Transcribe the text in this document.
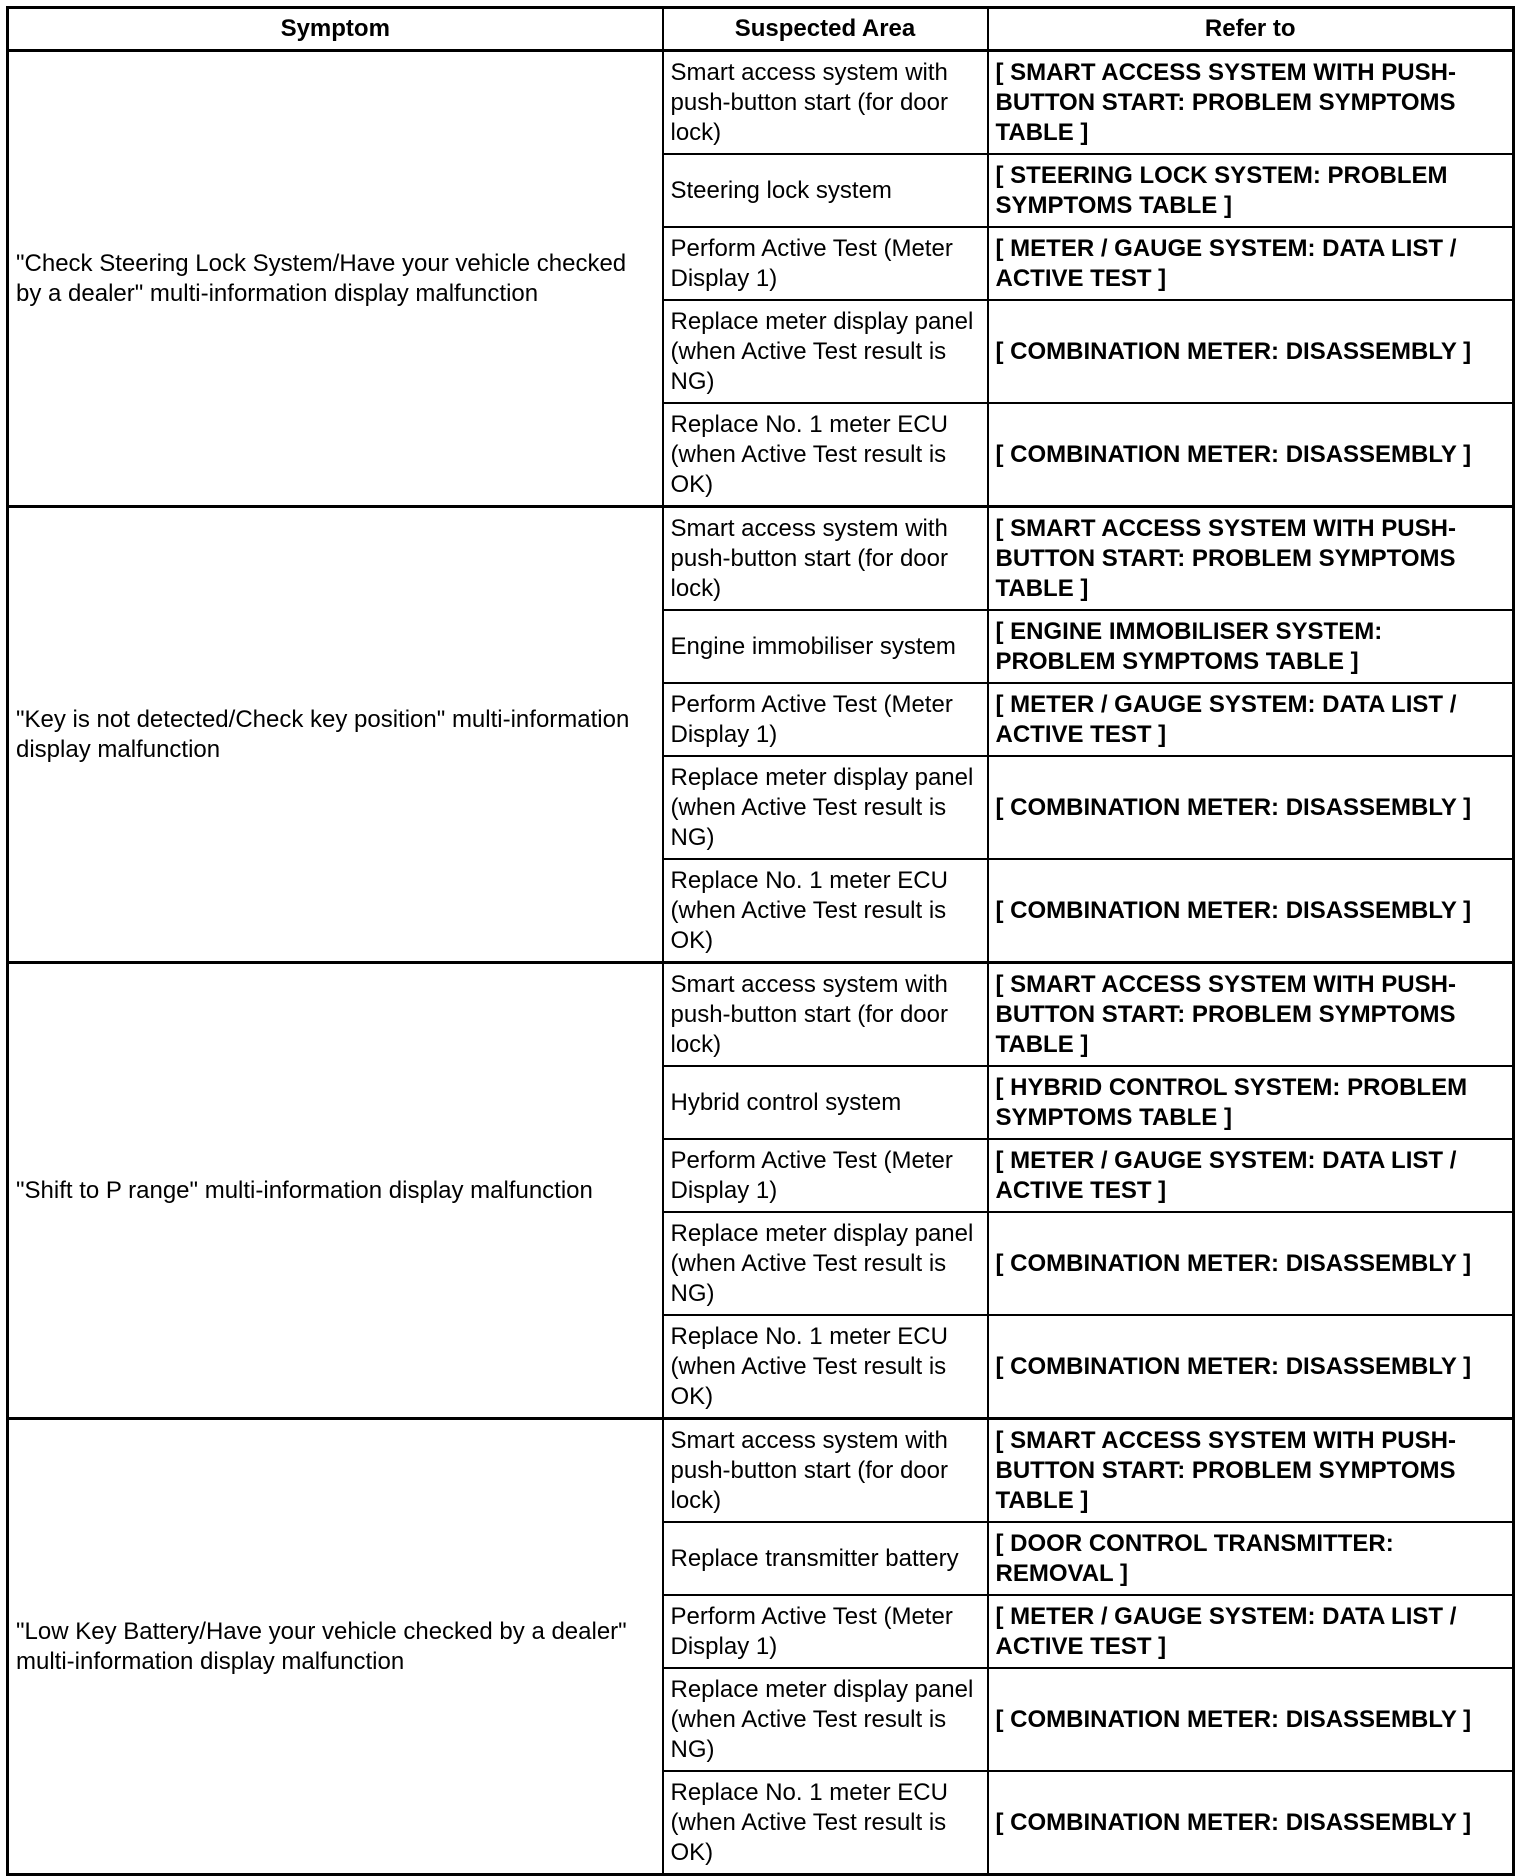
Symptom	Suspected Area	Refer to
"Check Steering Lock System/Have your vehicle checked by a dealer" multi-information display malfunction	Smart access system with push-button start (for door lock)	[ SMART ACCESS SYSTEM WITH PUSH-BUTTON START: PROBLEM SYMPTOMS TABLE ]
	Steering lock system	[ STEERING LOCK SYSTEM: PROBLEM SYMPTOMS TABLE ]
	Perform Active Test (Meter Display 1)	[ METER / GAUGE SYSTEM: DATA LIST / ACTIVE TEST ]
	Replace meter display panel (when Active Test result is NG)	[ COMBINATION METER: DISASSEMBLY ]
	Replace No. 1 meter ECU (when Active Test result is OK)	[ COMBINATION METER: DISASSEMBLY ]
"Key is not detected/Check key position" multi-information display malfunction	Smart access system with push-button start (for door lock)	[ SMART ACCESS SYSTEM WITH PUSH-BUTTON START: PROBLEM SYMPTOMS TABLE ]
	Engine immobiliser system	[ ENGINE IMMOBILISER SYSTEM: PROBLEM SYMPTOMS TABLE ]
	Perform Active Test (Meter Display 1)	[ METER / GAUGE SYSTEM: DATA LIST / ACTIVE TEST ]
	Replace meter display panel (when Active Test result is NG)	[ COMBINATION METER: DISASSEMBLY ]
	Replace No. 1 meter ECU (when Active Test result is OK)	[ COMBINATION METER: DISASSEMBLY ]
"Shift to P range" multi-information display malfunction	Smart access system with push-button start (for door lock)	[ SMART ACCESS SYSTEM WITH PUSH-BUTTON START: PROBLEM SYMPTOMS TABLE ]
	Hybrid control system	[ HYBRID CONTROL SYSTEM: PROBLEM SYMPTOMS TABLE ]
	Perform Active Test (Meter Display 1)	[ METER / GAUGE SYSTEM: DATA LIST / ACTIVE TEST ]
	Replace meter display panel (when Active Test result is NG)	[ COMBINATION METER: DISASSEMBLY ]
	Replace No. 1 meter ECU (when Active Test result is OK)	[ COMBINATION METER: DISASSEMBLY ]
"Low Key Battery/Have your vehicle checked by a dealer" multi-information display malfunction	Smart access system with push-button start (for door lock)	[ SMART ACCESS SYSTEM WITH PUSH-BUTTON START: PROBLEM SYMPTOMS TABLE ]
	Replace transmitter battery	[ DOOR CONTROL TRANSMITTER: REMOVAL ]
	Perform Active Test (Meter Display 1)	[ METER / GAUGE SYSTEM: DATA LIST / ACTIVE TEST ]
	Replace meter display panel (when Active Test result is NG)	[ COMBINATION METER: DISASSEMBLY ]
	Replace No. 1 meter ECU (when Active Test result is OK)	[ COMBINATION METER: DISASSEMBLY ]
